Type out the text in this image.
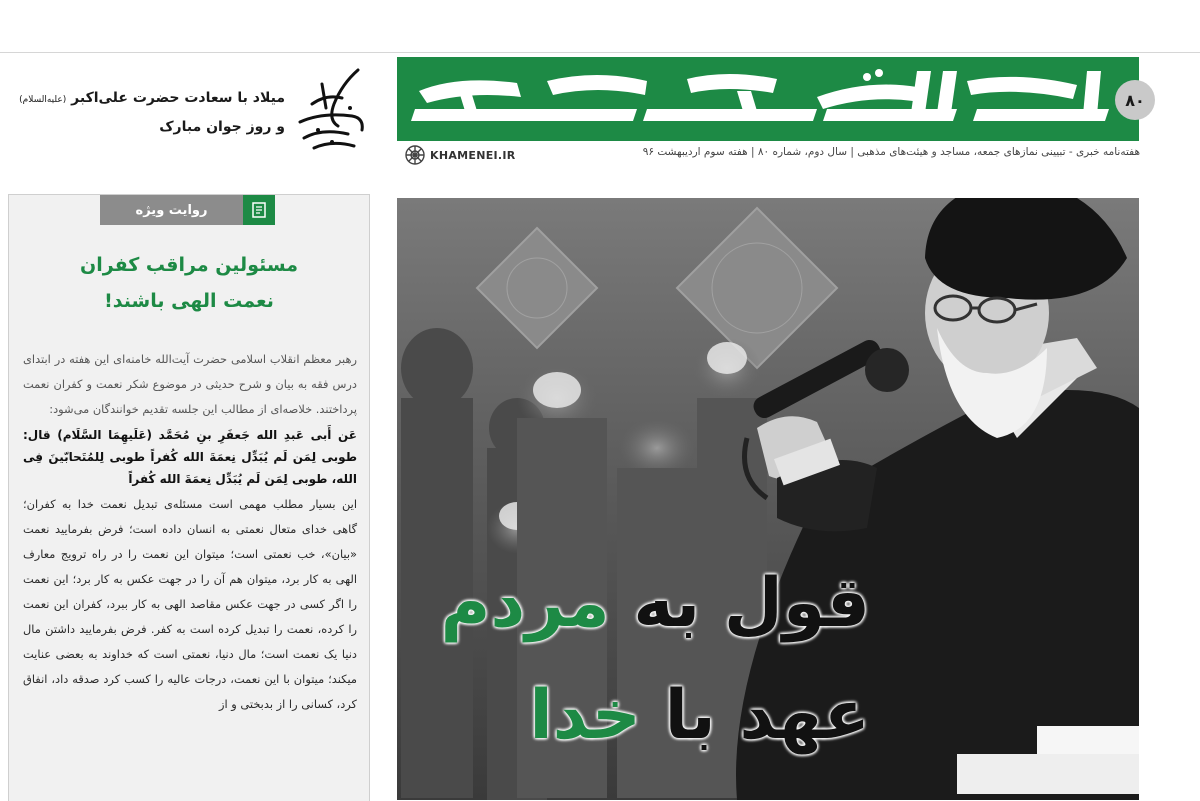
۸۰
KHAMENEI.IR	هفته‌نامه خبری - تبیینی نمازهای جمعه، مساجد و هیئت‌های مذهبی | سال دوم، شماره ۸۰ | هفته سوم اردیبهشت ۹۶
میلاد با سعادت حضرت علی‌اکبر (علیه‌السلام)
و روز جوان مبارک
روایت ویژه
مسئولین مراقب کفران
نعمت الهی باشند!

رهبر معظم انقلاب اسلامی حضرت آیت‌الله خامنه‌ای این هفته در ابتدای درس فقه به بیان و شرح حدیثی در موضوع شکر نعمت و کفران نعمت پرداختند. خلاصه‌ای از مطالب این جلسه تقدیم خوانندگان می‌شود:

عَن أَبی عَبدِ الله جَعفَرِ بنِ مُحَمَّد (عَلَیهِمَا السَّلَام) قال: طوبی لِمَن لَم یُبَدِّل نِعمَةَ الله کُفراً طوبی لِلمُتَحابّینَ فِی الله، طوبی لِمَن لَم یُبَدِّل نِعمَةَ الله کُفراً

این بسیار مطلب مهمی است مسئله‌ی تبدیل نعمت خدا به کفران؛ گاهی خدای متعال نعمتی به انسان داده است؛ فرض بفرمایید نعمت «بیان»، خب نعمتی است؛ میتوان این نعمت را در راه ترویج معارف الهی به کار برد، میتوان هم آن را در جهت عکس به کار برد؛ این نعمت را اگر کسی در جهت عکس مقاصد الهی به کار ببرد، کفران این نعمت را کرده، نعمت را تبدیل کرده است به کفر. فرض بفرمایید داشتن مال دنیا یک نعمت است؛ مال دنیا، نعمتی است که خداوند به بعضی عنایت میکند؛ میتوان با این نعمت، درجات عالیه را کسب کرد صدقه داد، انفاق کرد، کسانی را از بدبختی و از

قول به مردم
عهد با خدا
